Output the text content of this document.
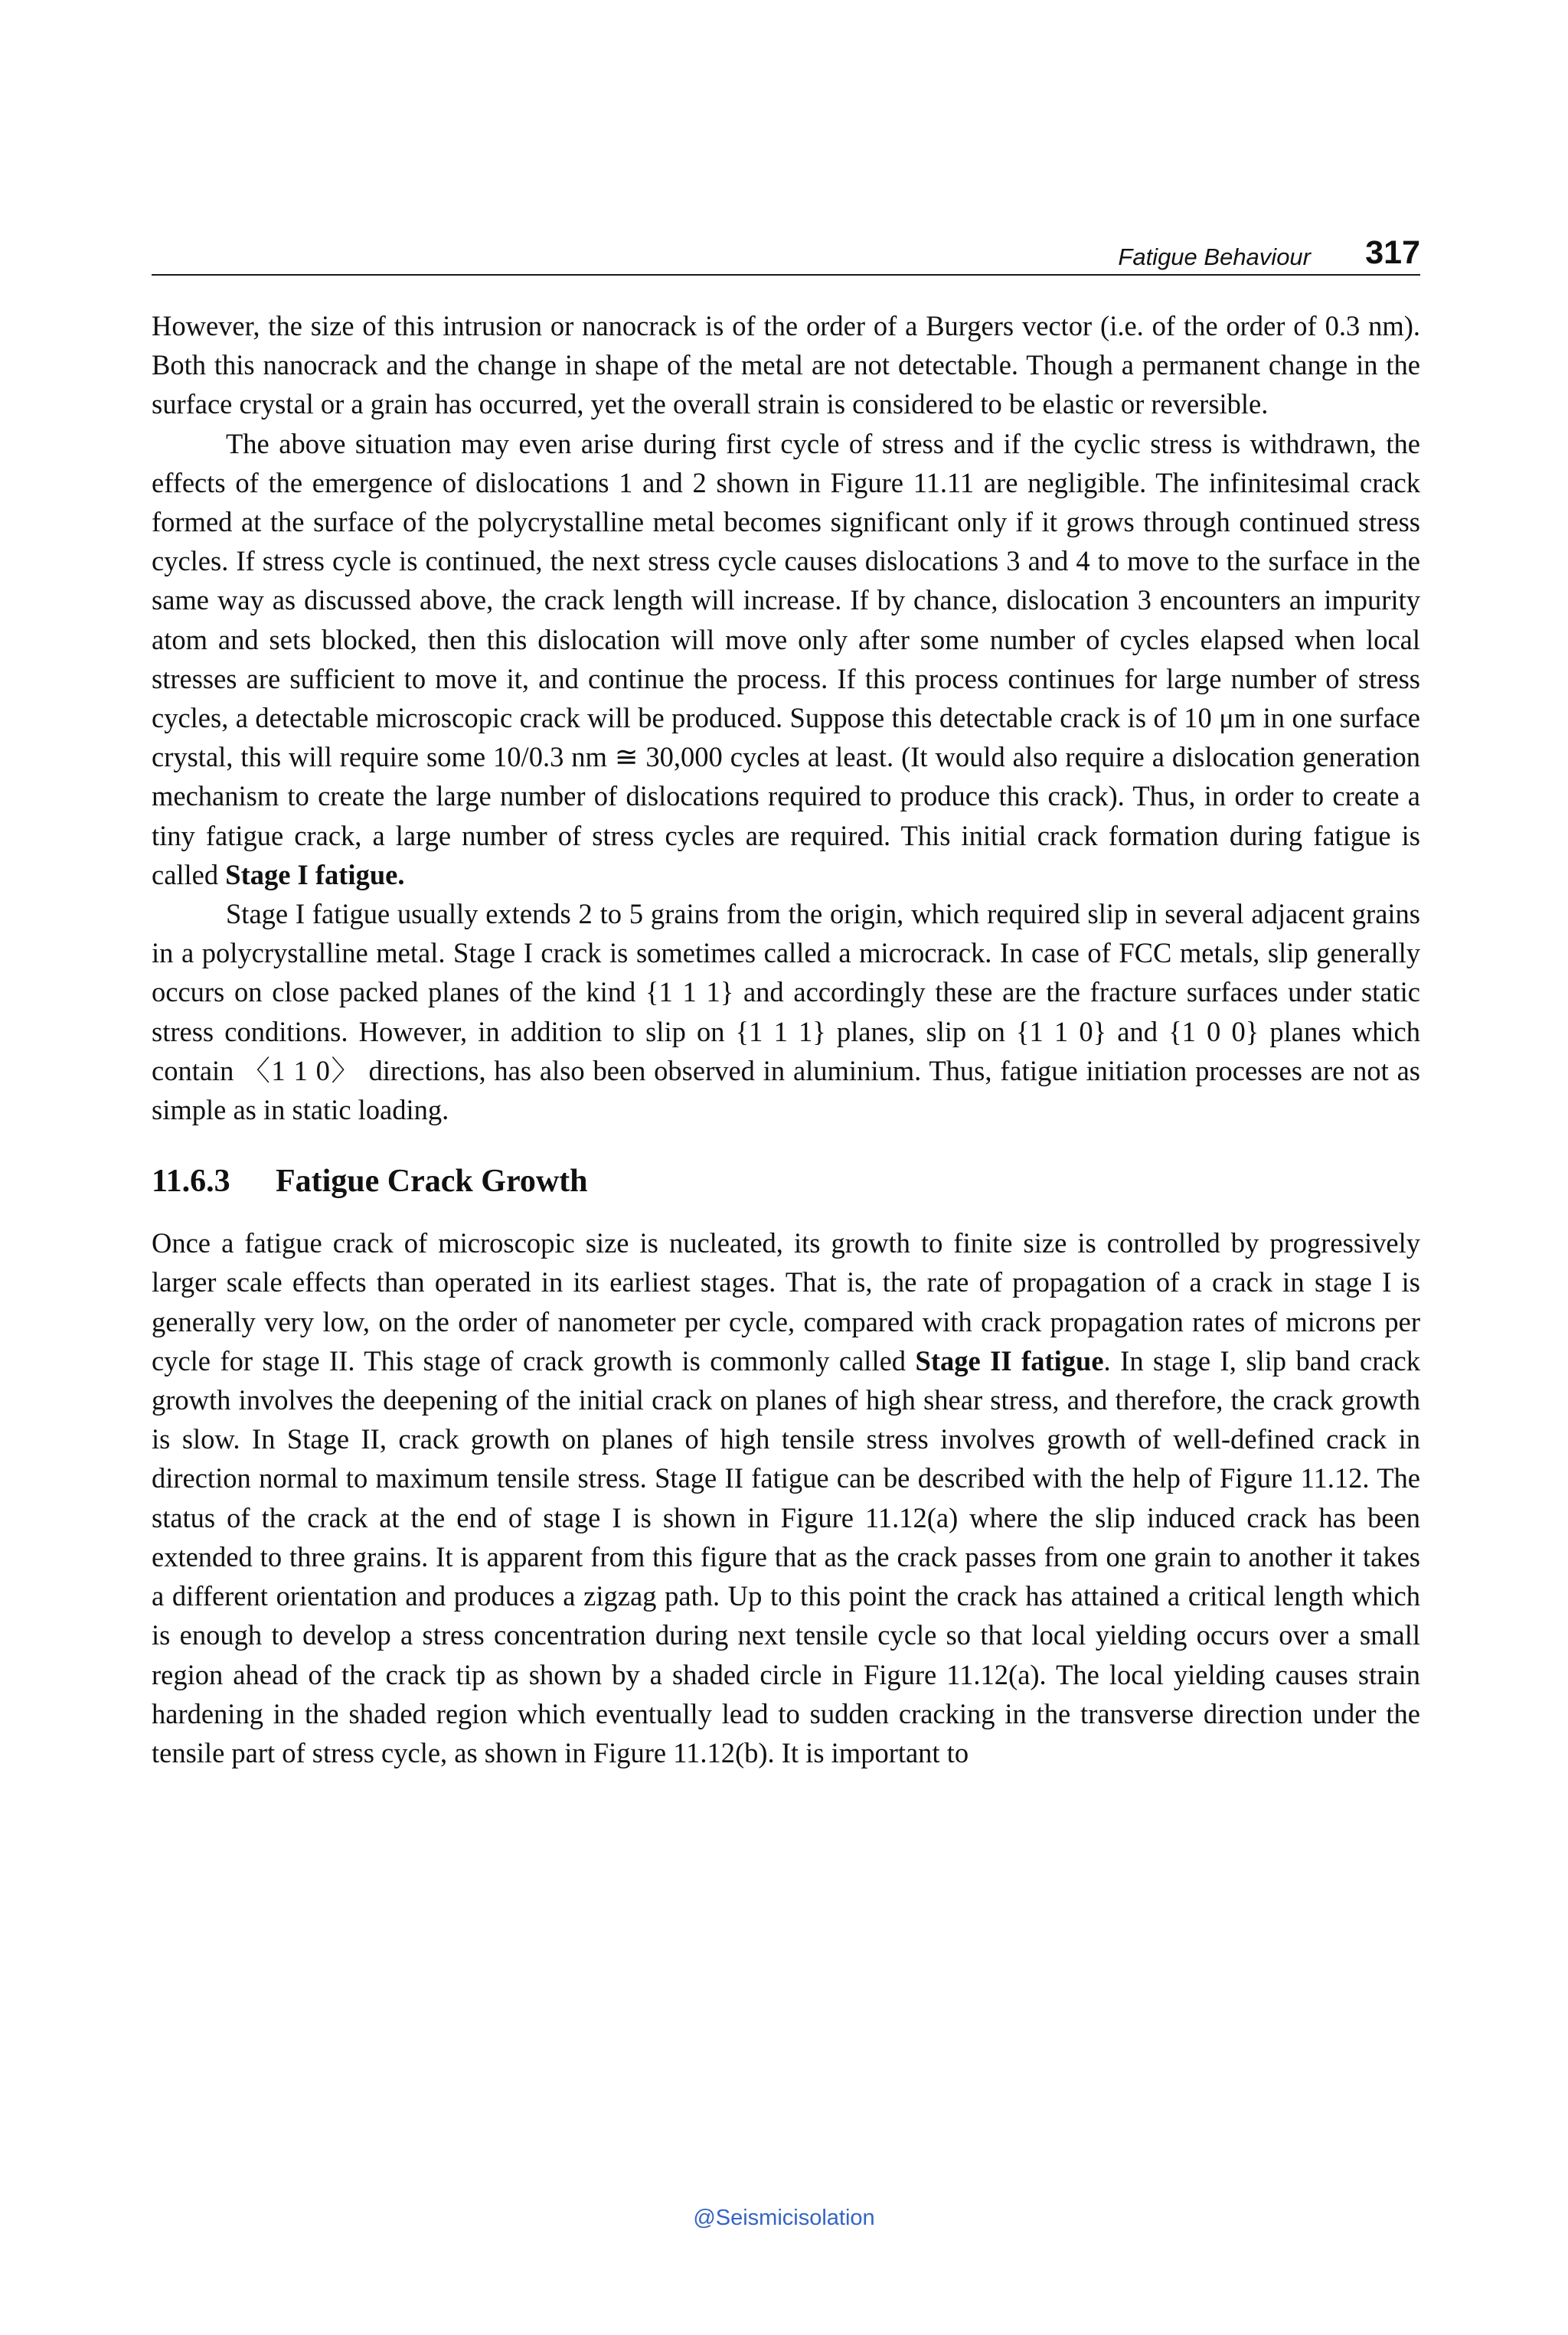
Fatigue Behaviour 317

However, the size of this intrusion or nanocrack is of the order of a Burgers vector (i.e. of the order of 0.3 nm). Both this nanocrack and the change in shape of the metal are not detectable. Though a permanent change in the surface crystal or a grain has occurred, yet the overall strain is considered to be elastic or reversible.

The above situation may even arise during first cycle of stress and if the cyclic stress is withdrawn, the effects of the emergence of dislocations 1 and 2 shown in Figure 11.11 are negligible. The infinitesimal crack formed at the surface of the polycrystalline metal becomes significant only if it grows through continued stress cycles. If stress cycle is continued, the next stress cycle causes dislocations 3 and 4 to move to the surface in the same way as discussed above, the crack length will increase. If by chance, dislocation 3 encounters an impurity atom and sets blocked, then this dislocation will move only after some number of cycles elapsed when local stresses are sufficient to move it, and continue the process. If this process continues for large number of stress cycles, a detectable microscopic crack will be produced. Suppose this detectable crack is of 10 μm in one surface crystal, this will require some 10/0.3 nm ≅ 30,000 cycles at least. (It would also require a dislocation generation mechanism to create the large number of dislocations required to produce this crack). Thus, in order to create a tiny fatigue crack, a large number of stress cycles are required. This initial crack formation during fatigue is called Stage I fatigue.

Stage I fatigue usually extends 2 to 5 grains from the origin, which required slip in several adjacent grains in a polycrystalline metal. Stage I crack is sometimes called a microcrack. In case of FCC metals, slip generally occurs on close packed planes of the kind {1 1 1} and accordingly these are the fracture surfaces under static stress conditions. However, in addition to slip on {1 1 1} planes, slip on {1 1 0} and {1 0 0} planes which contain 〈1 1 0〉 directions, has also been observed in aluminium. Thus, fatigue initiation processes are not as simple as in static loading.

11.6.3 Fatigue Crack Growth

Once a fatigue crack of microscopic size is nucleated, its growth to finite size is controlled by progressively larger scale effects than operated in its earliest stages. That is, the rate of propagation of a crack in stage I is generally very low, on the order of nanometer per cycle, compared with crack propagation rates of microns per cycle for stage II. This stage of crack growth is commonly called Stage II fatigue. In stage I, slip band crack growth involves the deepening of the initial crack on planes of high shear stress, and therefore, the crack growth is slow. In Stage II, crack growth on planes of high tensile stress involves growth of well-defined crack in direction normal to maximum tensile stress. Stage II fatigue can be described with the help of Figure 11.12. The status of the crack at the end of stage I is shown in Figure 11.12(a) where the slip induced crack has been extended to three grains. It is apparent from this figure that as the crack passes from one grain to another it takes a different orientation and produces a zigzag path. Up to this point the crack has attained a critical length which is enough to develop a stress concentration during next tensile cycle so that local yielding occurs over a small region ahead of the crack tip as shown by a shaded circle in Figure 11.12(a). The local yielding causes strain hardening in the shaded region which eventually lead to sudden cracking in the transverse direction under the tensile part of stress cycle, as shown in Figure 11.12(b). It is important to

@Seismicisolation
